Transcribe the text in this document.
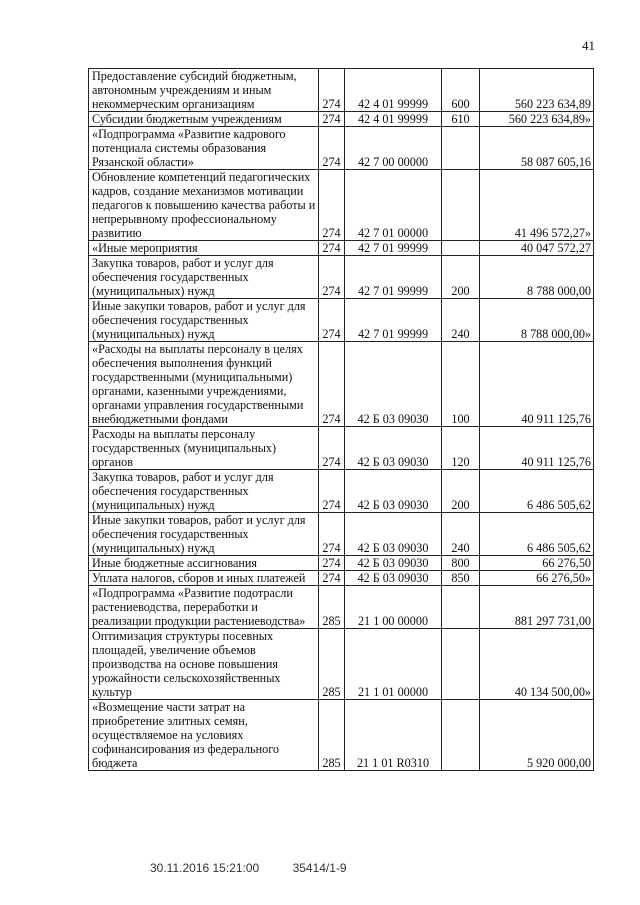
41
Предоставление субсидий бюджетным, автономным учреждениям и иным некоммерческим организациям	274	42 4 01 99999	600	560 223 634,89
Субсидии бюджетным учреждениям	274	42 4 01 99999	610	560 223 634,89»
«Подпрограмма «Развитие кадрового потенциала системы образования Рязанской области»	274	42 7 00 00000		58 087 605,16
Обновление компетенций педагогических кадров, создание механизмов мотивации педагогов к повышению качества работы и непрерывному профессиональному развитию	274	42 7 01 00000		41 496 572,27»
«Иные мероприятия	274	42 7 01 99999		40 047 572,27
Закупка товаров, работ и услуг для обеспечения государственных (муниципальных) нужд	274	42 7 01 99999	200	8 788 000,00
Иные закупки товаров, работ и услуг для обеспечения государственных (муниципальных) нужд	274	42 7 01 99999	240	8 788 000,00»
«Расходы на выплаты персоналу в целях обеспечения выполнения функций государственными (муниципальными) органами, казенными учреждениями, органами управления государственными внебюджетными фондами	274	42 Б 03 09030	100	40 911 125,76
Расходы на выплаты персоналу государственных (муниципальных) органов	274	42 Б 03 09030	120	40 911 125,76
Закупка товаров, работ и услуг для обеспечения государственных (муниципальных) нужд	274	42 Б 03 09030	200	6 486 505,62
Иные закупки товаров, работ и услуг для обеспечения государственных (муниципальных) нужд	274	42 Б 03 09030	240	6 486 505,62
Иные бюджетные ассигнования	274	42 Б 03 09030	800	66 276,50
Уплата налогов, сборов и иных платежей	274	42 Б 03 09030	850	66 276,50»
«Подпрограмма «Развитие подотрасли растениеводства, переработки и реализации продукции растениеводства»	285	21 1 00 00000		881 297 731,00
Оптимизация структуры посевных площадей, увеличение объемов производства на основе повышения урожайности сельскохозяйственных культур	285	21 1 01 00000		40 134 500,00»
«Возмещение части затрат на приобретение элитных семян, осуществляемое на условиях софинансирования из федерального бюджета	285	21 1 01 R0310		5 920 000,00
30.11.2016 15:21:00	35414/1-9
